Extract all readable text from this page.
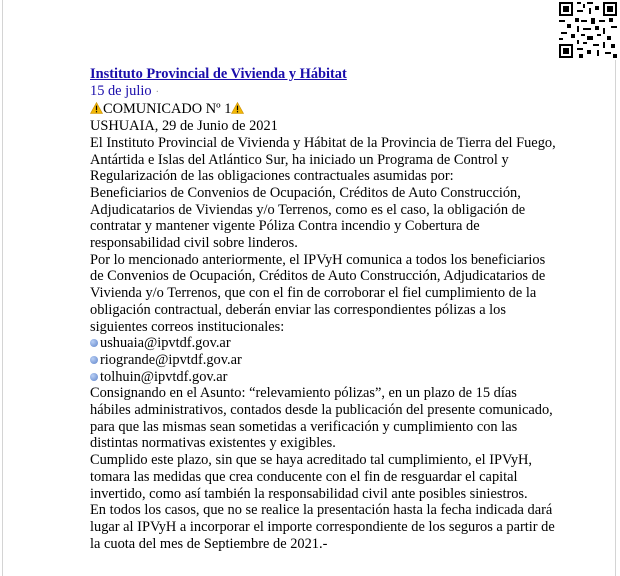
Instituto Provincial de Vivienda y Hábitat

15 de julio ·

COMUNICADO Nº 1

USHUAIA, 29 de Junio de 2021

El Instituto Provincial de Vivienda y Hábitat de la Provincia de Tierra del Fuego, Antártida e Islas del Atlántico Sur, ha iniciado un Programa de Control y Regularización de las obligaciones contractuales asumidas por:

Beneficiarios de Convenios de Ocupación, Créditos de Auto Construcción, Adjudicatarios de Viviendas y/o Terrenos, como es el caso, la obligación de contratar y mantener vigente Póliza Contra incendio y Cobertura de responsabilidad civil sobre linderos.

Por lo mencionado anteriormente, el IPVyH comunica a todos los beneficiarios de Convenios de Ocupación, Créditos de Auto Construcción, Adjudicatarios de Vivienda y/o Terrenos, que con el fin de corroborar el fiel cumplimiento de la obligación contractual, deberán enviar las correspondientes pólizas a los siguientes correos institucionales:

ushuaia@ipvtdf.gov.ar

riogrande@ipvtdf.gov.ar

tolhuin@ipvtdf.gov.ar

Consignando en el Asunto: “relevamiento pólizas”, en un plazo de 15 días hábiles administrativos, contados desde la publicación del presente comunicado, para que las mismas sean sometidas a verificación y cumplimiento con las distintas normativas existentes y exigibles.

Cumplido este plazo, sin que se haya acreditado tal cumplimiento, el IPVyH, tomara las medidas que crea conducente con el fin de resguardar el capital invertido, como así también la responsabilidad civil ante posibles siniestros.

En todos los casos, que no se realice la presentación hasta la fecha indicada dará lugar al IPVyH a incorporar el importe correspondiente de los seguros a partir de la cuota del mes de Septiembre de 2021.-
